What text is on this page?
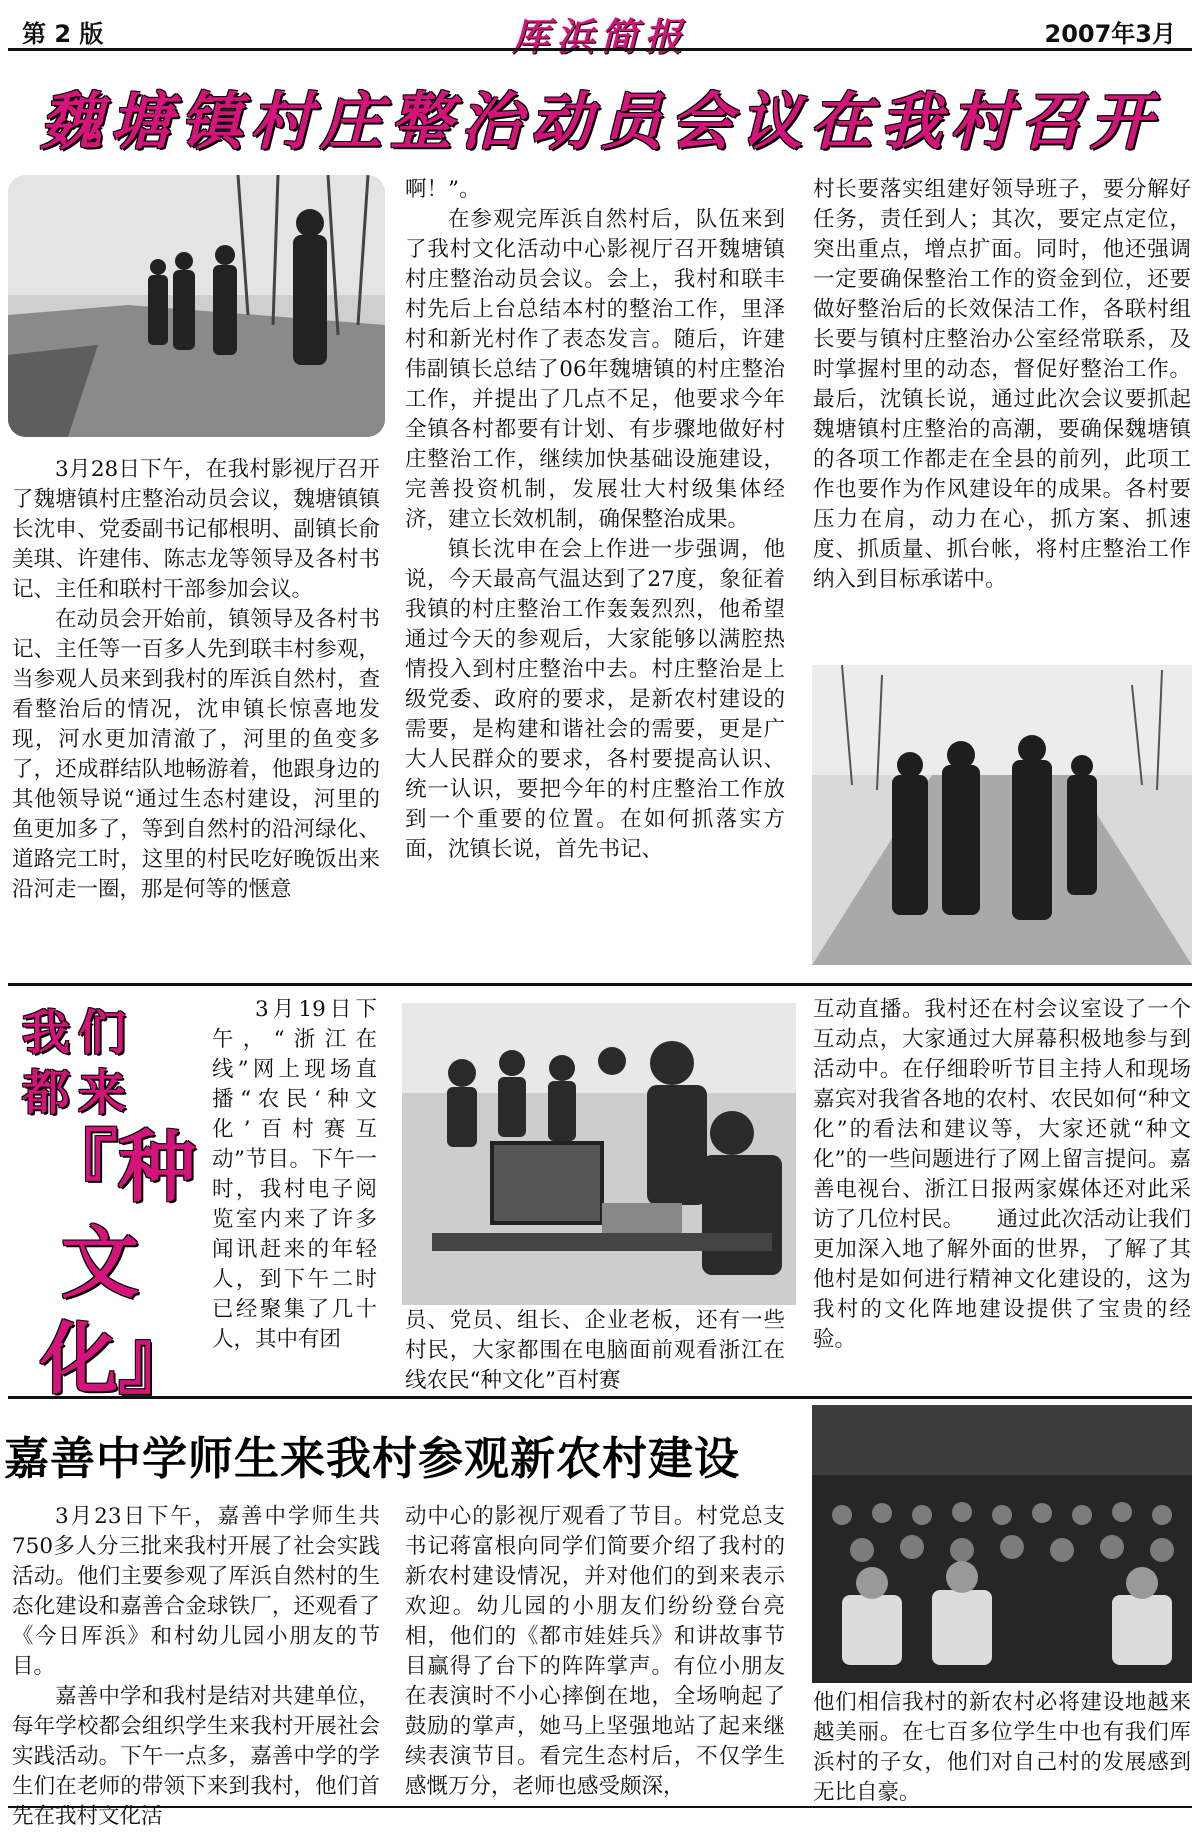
第 2 版	厍浜简报	2007年3月
魏塘镇村庄整治动员会议在我村召开

3月28日下午，在我村影视厅召开了魏塘镇村庄整治动员会议，魏塘镇镇长沈申、党委副书记郁根明、副镇长俞美琪、许建伟、陈志龙等领导及各村书记、主任和联村干部参加会议。

在动员会开始前，镇领导及各村书记、主任等一百多人先到联丰村参观，当参观人员来到我村的厍浜自然村，查看整治后的情况，沈申镇长惊喜地发现，河水更加清澈了，河里的鱼变多了，还成群结队地畅游着，他跟身边的其他领导说“通过生态村建设，河里的鱼更加多了，等到自然村的沿河绿化、道路完工时，这里的村民吃好晚饭出来沿河走一圈，那是何等的惬意

啊！”。

在参观完厍浜自然村后，队伍来到了我村文化活动中心影视厅召开魏塘镇村庄整治动员会议。会上，我村和联丰村先后上台总结本村的整治工作，里泽村和新光村作了表态发言。随后，许建伟副镇长总结了06年魏塘镇的村庄整治工作，并提出了几点不足，他要求今年全镇各村都要有计划、有步骤地做好村庄整治工作，继续加快基础设施建设，完善投资机制，发展壮大村级集体经济，建立长效机制，确保整治成果。

镇长沈申在会上作进一步强调，他说，今天最高气温达到了27度，象征着我镇的村庄整治工作轰轰烈烈，他希望通过今天的参观后，大家能够以满腔热情投入到村庄整治中去。村庄整治是上级党委、政府的要求，是新农村建设的需要，是构建和谐社会的需要，更是广大人民群众的要求，各村要提高认识、统一认识，要把今年的村庄整治工作放到一个重要的位置。在如何抓落实方面，沈镇长说，首先书记、

村长要落实组建好领导班子，要分解好任务，责任到人；其次，要定点定位，突出重点，增点扩面。同时，他还强调一定要确保整治工作的资金到位，还要做好整治后的长效保洁工作，各联村组长要与镇村庄整治办公室经常联系，及时掌握村里的动态，督促好整治工作。最后，沈镇长说，通过此次会议要抓起魏塘镇村庄整治的高潮，要确保魏塘镇的各项工作都走在全县的前列，此项工作也要作为作风建设年的成果。各村要压力在肩，动力在心，抓方案、抓速度、抓质量、抓台帐，将村庄整治工作纳入到目标承诺中。

我们
都来
『种文化』

3月19日下午，“浙江在线”网上现场直播“农民‘种文化’百村赛互动”节目。下午一时，我村电子阅览室内来了许多闻讯赶来的年轻人，到下午二时已经聚集了几十人，其中有团

员、党员、组长、企业老板，还有一些村民，大家都围在电脑面前观看浙江在线农民“种文化”百村赛

互动直播。我村还在村会议室设了一个互动点，大家通过大屏幕积极地参与到活动中。在仔细聆听节目主持人和现场嘉宾对我省各地的农村、农民如何“种文化”的看法和建议等，大家还就“种文化”的一些问题进行了网上留言提问。嘉善电视台、浙江日报两家媒体还对此采访了几位村民。　　通过此次活动让我们更加深入地了解外面的世界，了解了其他村是如何进行精神文化建设的，这为我村的文化阵地建设提供了宝贵的经验。

嘉善中学师生来我村参观新农村建设

3月23日下午，嘉善中学师生共750多人分三批来我村开展了社会实践活动。他们主要参观了厍浜自然村的生态化建设和嘉善合金球铁厂，还观看了《今日厍浜》和村幼儿园小朋友的节目。

嘉善中学和我村是结对共建单位，每年学校都会组织学生来我村开展社会实践活动。下午一点多，嘉善中学的学生们在老师的带领下来到我村，他们首先在我村文化活

动中心的影视厅观看了节目。村党总支书记蒋富根向同学们简要介绍了我村的新农村建设情况，并对他们的到来表示欢迎。幼儿园的小朋友们纷纷登台亮相，他们的《都市娃娃兵》和讲故事节目赢得了台下的阵阵掌声。有位小朋友在表演时不小心摔倒在地，全场响起了鼓励的掌声，她马上坚强地站了起来继续表演节目。看完生态村后，不仅学生感慨万分，老师也感受颇深，

他们相信我村的新农村必将建设地越来越美丽。在七百多位学生中也有我们厍浜村的子女，他们对自己村的发展感到无比自豪。
